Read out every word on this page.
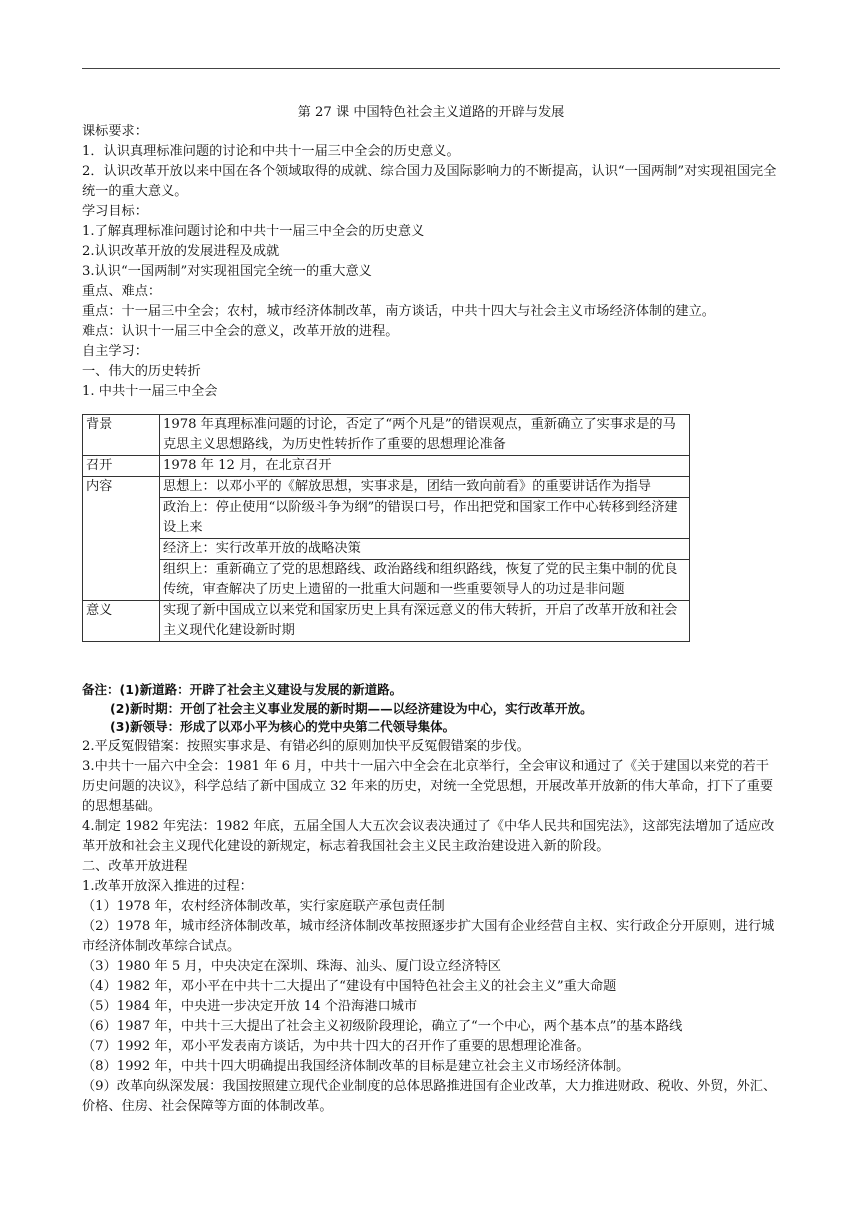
第 27 课 中国特色社会主义道路的开辟与发展

课标要求：

1．认识真理标准问题的讨论和中共十一届三中全会的历史意义。

2．认识改革开放以来中国在各个领域取得的成就、综合国力及国际影响力的不断提高，认识“一国两制”对实现祖国完全统一的重大意义。

学习目标：

1.了解真理标准问题讨论和中共十一届三中全会的历史意义

2.认识改革开放的发展进程及成就

3.认识“一国两制”对实现祖国完全统一的重大意义

重点、难点：

重点：十一届三中全会；农村，城市经济体制改革，南方谈话，中共十四大与社会主义市场经济体制的建立。

难点：认识十一届三中全会的意义，改革开放的进程。

自主学习：

一、伟大的历史转折

1. 中共十一届三中全会

背景	1978 年真理标准问题的讨论，否定了“两个凡是”的错误观点，重新确立了实事求是的马克思主义思想路线，为历史性转折作了重要的思想理论准备
召开	1978 年 12 月，在北京召开
内容	思想上：以邓小平的《解放思想，实事求是，团结一致向前看》的重要讲话作为指导
	政治上：停止使用“以阶级斗争为纲”的错误口号，作出把党和国家工作中心转移到经济建设上来
	经济上：实行改革开放的战略决策
	组织上：重新确立了党的思想路线、政治路线和组织路线，恢复了党的民主集中制的优良传统，审查解决了历史上遗留的一批重大问题和一些重要领导人的功过是非问题
意义	实现了新中国成立以来党和国家历史上具有深远意义的伟大转折，开启了改革开放和社会主义现代化建设新时期
备注：(1)新道路：开辟了社会主义建设与发展的新道路。
(2)新时期：开创了社会主义事业发展的新时期——以经济建设为中心，实行改革开放。
(3)新领导：形成了以邓小平为核心的党中央第二代领导集体。

2.平反冤假错案：按照实事求是、有错必纠的原则加快平反冤假错案的步伐。

3.中共十一届六中全会：1981 年 6 月，中共十一届六中全会在北京举行，全会审议和通过了《关于建国以来党的若干历史问题的决议》，科学总结了新中国成立 32 年来的历史，对统一全党思想，开展改革开放新的伟大革命，打下了重要的思想基础。

4.制定 1982 年宪法：1982 年底，五届全国人大五次会议表决通过了《中华人民共和国宪法》，这部宪法增加了适应改革开放和社会主义现代化建设的新规定，标志着我国社会主义民主政治建设进入新的阶段。

二、改革开放进程

1.改革开放深入推进的过程：

（1）1978 年，农村经济体制改革，实行家庭联产承包责任制

（2）1978 年，城市经济体制改革，城市经济体制改革按照逐步扩大国有企业经营自主权、实行政企分开原则，进行城市经济体制改革综合试点。

（3）1980 年 5 月，中央决定在深圳、珠海、汕头、厦门设立经济特区

（4）1982 年，邓小平在中共十二大提出了“建设有中国特色社会主义的社会主义”重大命题

（5）1984 年，中央进一步决定开放 14 个沿海港口城市

（6）1987 年，中共十三大提出了社会主义初级阶段理论，确立了“一个中心，两个基本点”的基本路线

（7）1992 年，邓小平发表南方谈话，为中共十四大的召开作了重要的思想理论准备。

（8）1992 年，中共十四大明确提出我国经济体制改革的目标是建立社会主义市场经济体制。

（9）改革向纵深发展：我国按照建立现代企业制度的总体思路推进国有企业改革，大力推进财政、税收、外贸，外汇、价格、住房、社会保障等方面的体制改革。
